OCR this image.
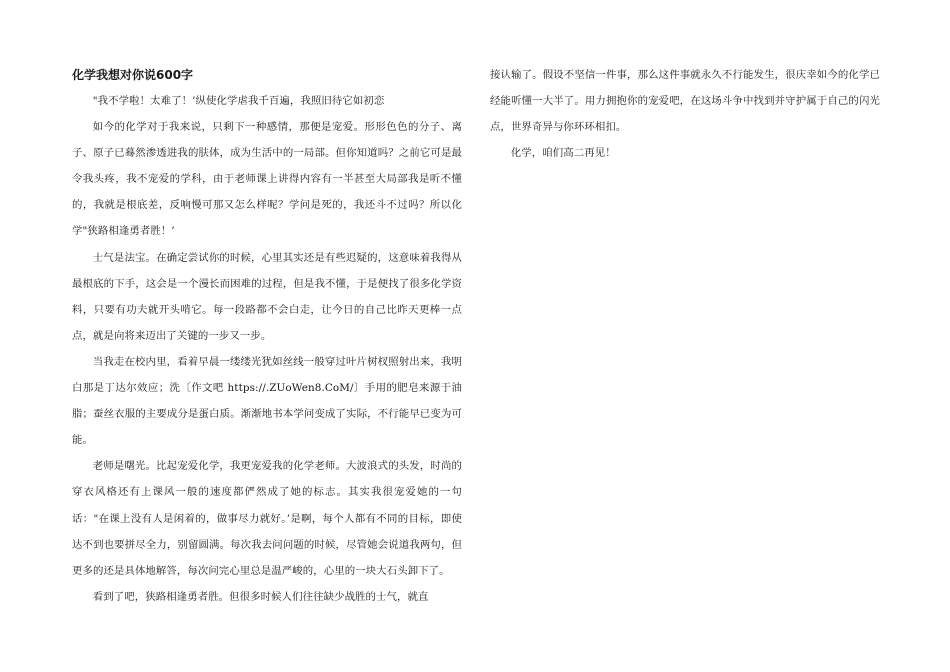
化学我想对你说600字

"我不学啦！太难了！’纵使化学虐我千百遍，我照旧待它如初恋

如今的化学对于我来说，只剩下一种感情，那便是宠爱。形形色色的分子、离子、原子已蓦然渗透进我的肤体，成为生活中的一局部。但你知道吗？之前它可是最令我头疼，我不宠爱的学科，由于老师课上讲得内容有一半甚至大局部我是听不懂的，我就是根底差，反响慢可那又怎么样呢？学问是死的，我还斗不过吗？所以化学"狭路相逢勇者胜！’

士气是法宝。在确定尝试你的时候，心里其实还是有些迟疑的，这意味着我得从最根底的下手，这会是一个漫长而困难的过程，但是我不懂，于是便找了很多化学资料，只要有功夫就开头啃它。每一段路都不会白走，让今日的自己比昨天更棒一点点，就是向将来迈出了关键的一步又一步。

当我走在校内里，看着早晨一缕缕光犹如丝线一般穿过叶片树杈照射出来，我明白那是丁达尔效应；洗〔作文吧 https://.ZUoWen8.CoM/〕手用的肥皂来源于油脂；蚕丝衣服的主要成分是蛋白质。渐渐地书本学问变成了实际，不行能早已变为可能。

老师是曙光。比起宠爱化学，我更宠爱我的化学老师。大波浪式的头发，时尚的穿衣风格还有上课风一般的速度都俨然成了她的标志。其实我很宠爱她的一句话："在课上没有人是闲着的，做事尽力就好。’是啊，每个人都有不同的目标，即使达不到也要拼尽全力，别留圆满。每次我去问问题的时候，尽管她会说道我两句，但更多的还是具体地解答，每次问完心里总是温严峻的，心里的一块大石头卸下了。

看到了吧，狭路相逢勇者胜。但很多时候人们往往缺少战胜的士气，就直

接认输了。假设不坚信一件事，那么这件事就永久不行能发生，很庆幸如今的化学已经能听懂一大半了。用力拥抱你的宠爱吧，在这场斗争中找到并守护属于自己的闪光点，世界奇异与你环环相扣。

化学，咱们高二再见！
